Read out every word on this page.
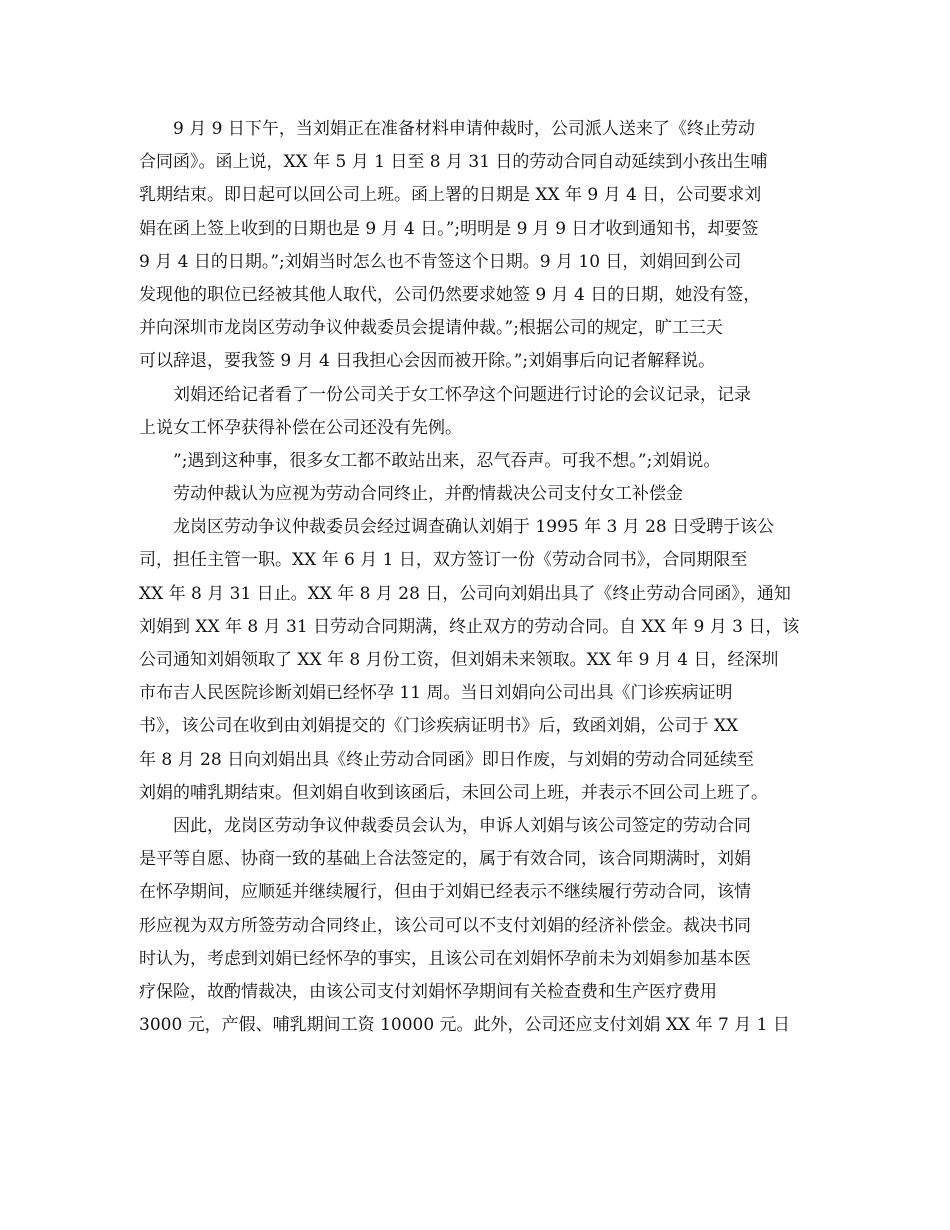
9 月 9 日下午，当刘娟正在准备材料申请仲裁时，公司派人送来了《终止劳动
合同函》。函上说，XX 年 5 月 1 日至 8 月 31 日的劳动合同自动延续到小孩出生哺
乳期结束。即日起可以回公司上班。函上署的日期是 XX 年 9 月 4 日，公司要求刘
娟在函上签上收到的日期也是 9 月 4 日。”;明明是 9 月 9 日才收到通知书，却要签
9 月 4 日的日期。”;刘娟当时怎么也不肯签这个日期。9 月 10 日，刘娟回到公司
发现他的职位已经被其他人取代，公司仍然要求她签 9 月 4 日的日期，她没有签，
并向深圳市龙岗区劳动争议仲裁委员会提请仲裁。”;根据公司的规定，旷工三天
可以辞退，要我签 9 月 4 日我担心会因而被开除。”;刘娟事后向记者解释说。
刘娟还给记者看了一份公司关于女工怀孕这个问题进行讨论的会议记录，记录
上说女工怀孕获得补偿在公司还没有先例。
”;遇到这种事，很多女工都不敢站出来，忍气吞声。可我不想。”;刘娟说。
劳动仲裁认为应视为劳动合同终止，并酌情裁决公司支付女工补偿金
龙岗区劳动争议仲裁委员会经过调查确认刘娟于 1995 年 3 月 28 日受聘于该公
司，担任主管一职。XX 年 6 月 1 日，双方签订一份《劳动合同书》，合同期限至
XX 年 8 月 31 日止。XX 年 8 月 28 日，公司向刘娟出具了《终止劳动合同函》，通知
刘娟到 XX 年 8 月 31 日劳动合同期满，终止双方的劳动合同。自 XX 年 9 月 3 日，该
公司通知刘娟领取了 XX 年 8 月份工资，但刘娟未来领取。XX 年 9 月 4 日，经深圳
市布吉人民医院诊断刘娟已经怀孕 11 周。当日刘娟向公司出具《门诊疾病证明
书》，该公司在收到由刘娟提交的《门诊疾病证明书》后，致函刘娟，公司于 XX
年 8 月 28 日向刘娟出具《终止劳动合同函》即日作废，与刘娟的劳动合同延续至
刘娟的哺乳期结束。但刘娟自收到该函后，未回公司上班，并表示不回公司上班了。
因此，龙岗区劳动争议仲裁委员会认为，申诉人刘娟与该公司签定的劳动合同
是平等自愿、协商一致的基础上合法签定的，属于有效合同，该合同期满时，刘娟
在怀孕期间，应顺延并继续履行，但由于刘娟已经表示不继续履行劳动合同，该情
形应视为双方所签劳动合同终止，该公司可以不支付刘娟的经济补偿金。裁决书同
时认为，考虑到刘娟已经怀孕的事实，且该公司在刘娟怀孕前未为刘娟参加基本医
疗保险，故酌情裁决，由该公司支付刘娟怀孕期间有关检查费和生产医疗费用
3000 元，产假、哺乳期间工资 10000 元。此外，公司还应支付刘娟 XX 年 7 月 1 日
